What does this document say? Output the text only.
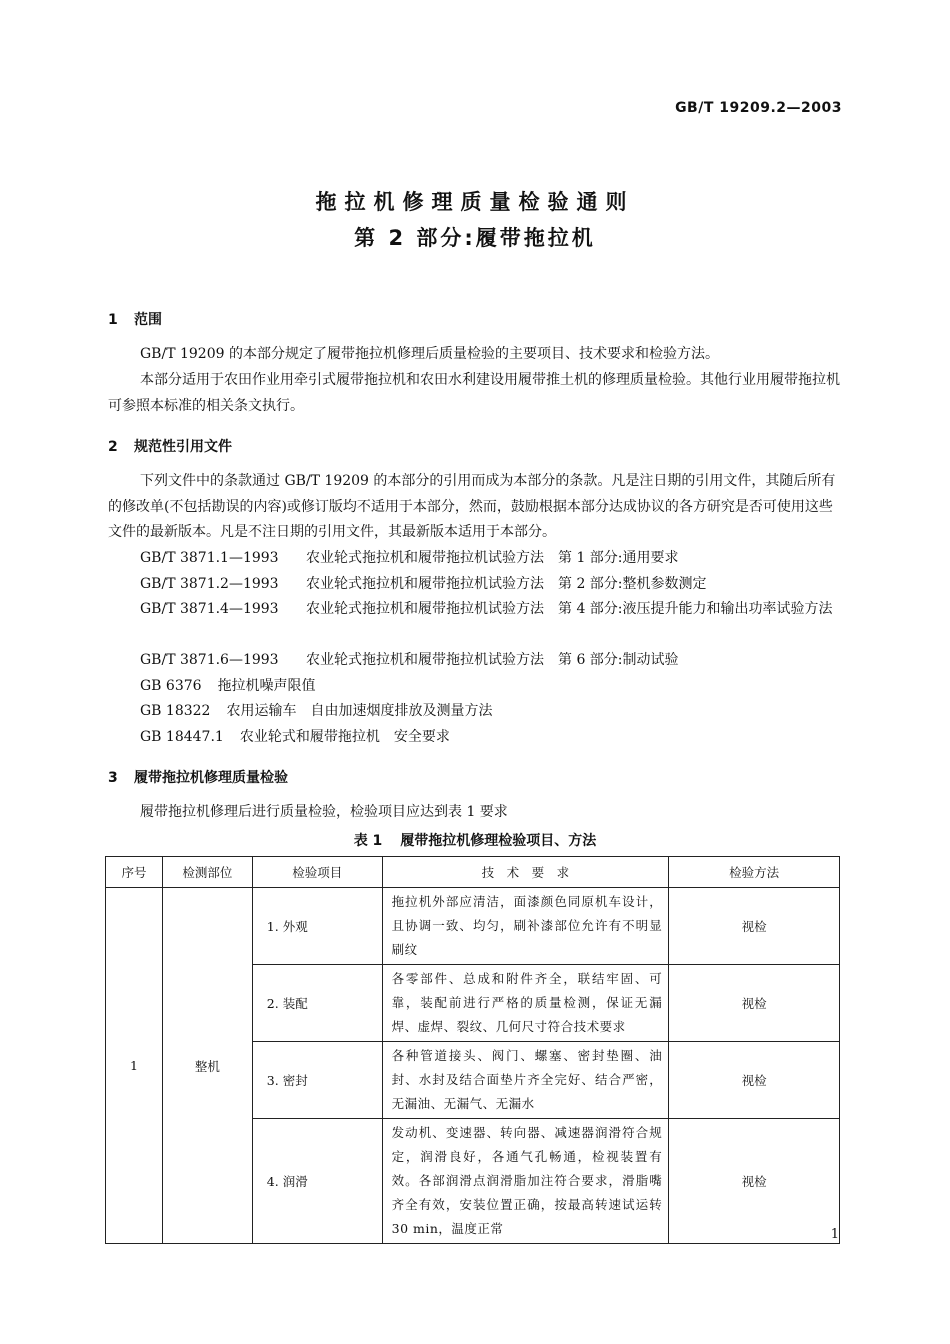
GB/T 19209.2—2003
拖拉机修理质量检验通则
第 2 部分:履带拖拉机
1 范围
GB/T 19209 的本部分规定了履带拖拉机修理后质量检验的主要项目、技术要求和检验方法。
本部分适用于农田作业用牵引式履带拖拉机和农田水利建设用履带推土机的修理质量检验。其他行业用履带拖拉机可参照本标准的相关条文执行。
2 规范性引用文件
下列文件中的条款通过 GB/T 19209 的本部分的引用而成为本部分的条款。凡是注日期的引用文件，其随后所有的修改单(不包括勘误的内容)或修订版均不适用于本部分，然而，鼓励根据本部分达成协议的各方研究是否可使用这些文件的最新版本。凡是不注日期的引用文件，其最新版本适用于本部分。
GB/T 3871.1—1993 农业轮式拖拉机和履带拖拉机试验方法　第 1 部分:通用要求
GB/T 3871.2—1993 农业轮式拖拉机和履带拖拉机试验方法　第 2 部分:整机参数测定
GB/T 3871.4—1993	农业轮式拖拉机和履带拖拉机试验方法　第 4 部分:液压提升能力和输出功率试验方法
GB/T 3871.6—1993 农业轮式拖拉机和履带拖拉机试验方法　第 6 部分:制动试验
GB 6376 拖拉机噪声限值
GB 18322 农用运输车　自由加速烟度排放及测量方法
GB 18447.1 农业轮式和履带拖拉机　安全要求
3 履带拖拉机修理质量检验
履带拖拉机修理后进行质量检验，检验项目应达到表 1 要求
表 1 履带拖拉机修理检验项目、方法
序号	检测部位	检验项目	技　术　要　求	检验方法
1	整机	1. 外观	拖拉机外部应清洁，面漆颜色同原机车设计，且协调一致、均匀，刷补漆部位允许有不明显刷纹	视检
		2. 装配	各零部件、总成和附件齐全，联结牢固、可靠，装配前进行严格的质量检测，保证无漏焊、虚焊、裂纹、几何尺寸符合技术要求	视检
		3. 密封	各种管道接头、阀门、螺塞、密封垫圈、油封、水封及结合面垫片齐全完好、结合严密，无漏油、无漏气、无漏水	视检
		4. 润滑	发动机、变速器、转向器、减速器润滑符合规定，润滑良好，各通气孔畅通，检视装置有效。各部润滑点润滑脂加注符合要求，滑脂嘴齐全有效，安装位置正确，按最高转速试运转 30 min，温度正常	视检
1
